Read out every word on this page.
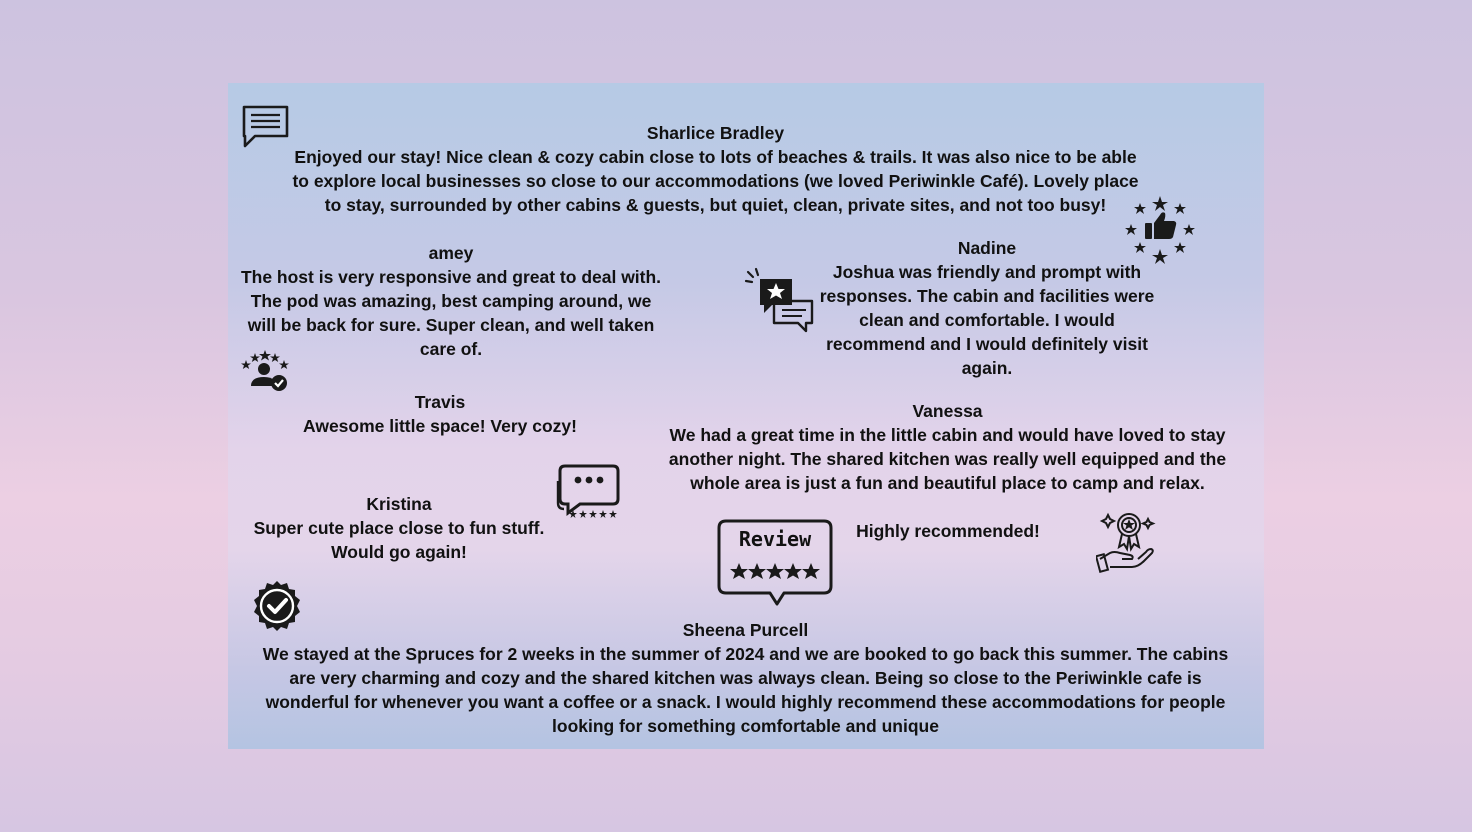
Sharlice Bradley
Enjoyed our stay! Nice clean & cozy cabin close to lots of beaches & trails. It was also nice to be able to explore local businesses so close to our accommodations (we loved Periwinkle Café). Lovely place to stay, surrounded by other cabins & guests, but quiet, clean, private sites, and not too busy!
amey
The host is very responsive and great to deal with. The pod was amazing, best camping around, we will be back for sure. Super clean, and well taken care of.
Nadine
Joshua was friendly and prompt with responses. The cabin and facilities were clean and comfortable. I would recommend and I would definitely visit again.
Travis
Awesome little space! Very cozy!
Vanessa
We had a great time in the little cabin and would have loved to stay another night. The shared kitchen was really well equipped and the whole area is just a fun and beautiful place to camp and relax.
Kristina
Super cute place close to fun stuff. Would go again!
Review	Highly recommended!
Sheena Purcell
We stayed at the Spruces for 2 weeks in the summer of 2024 and we are booked to go back this summer. The cabins are very charming and cozy and the shared kitchen was always clean. Being so close to the Periwinkle cafe is wonderful for whenever you want a coffee or a snack. I would highly recommend these accommodations for people looking for something comfortable and unique
